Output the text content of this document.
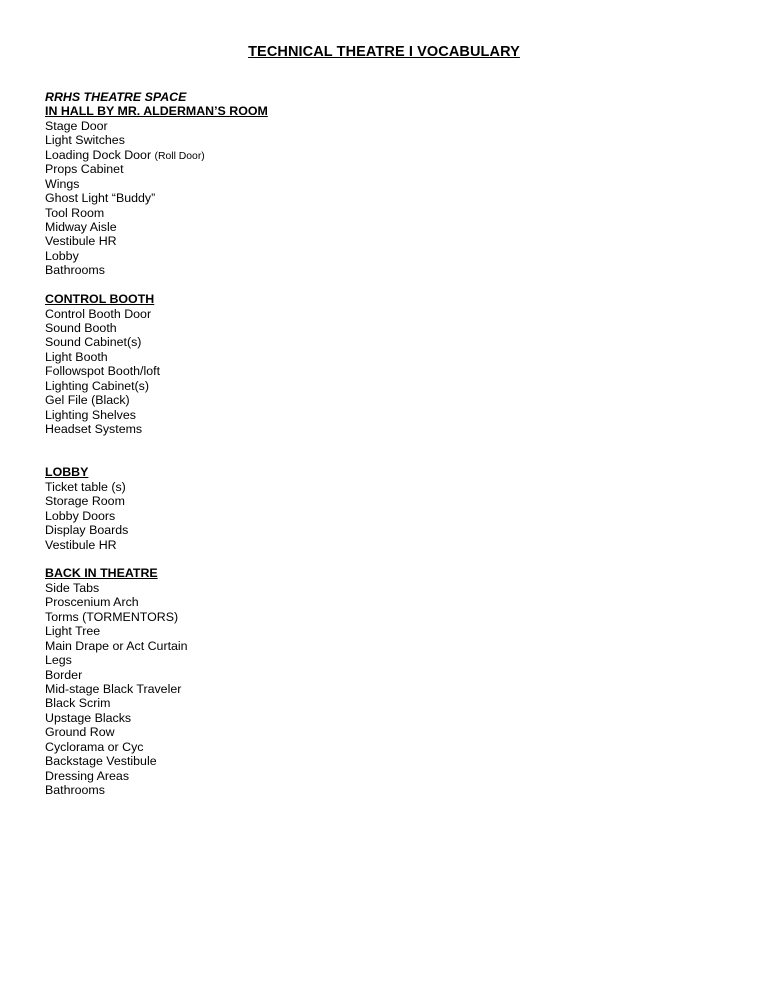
TECHNICAL THEATRE I VOCABULARY
RRHS THEATRE SPACE
IN HALL BY MR. ALDERMAN’S ROOM
Stage Door
Light Switches
Loading Dock Door (Roll Door)
Props Cabinet
Wings
Ghost Light “Buddy”
Tool Room
Midway Aisle
Vestibule HR
Lobby
Bathrooms
CONTROL BOOTH
Control Booth Door
Sound Booth
Sound Cabinet(s)
Light Booth
Followspot Booth/loft
Lighting Cabinet(s)
Gel File (Black)
Lighting Shelves
Headset Systems
LOBBY
Ticket table (s)
Storage Room
Lobby Doors
Display Boards
Vestibule HR
BACK IN THEATRE
Side Tabs
Proscenium Arch
Torms (TORMENTORS)
Light Tree
Main Drape or Act Curtain
Legs
Border
Mid-stage Black Traveler
Black Scrim
Upstage Blacks
Ground Row
Cyclorama or Cyc
Backstage Vestibule
Dressing Areas
Bathrooms
